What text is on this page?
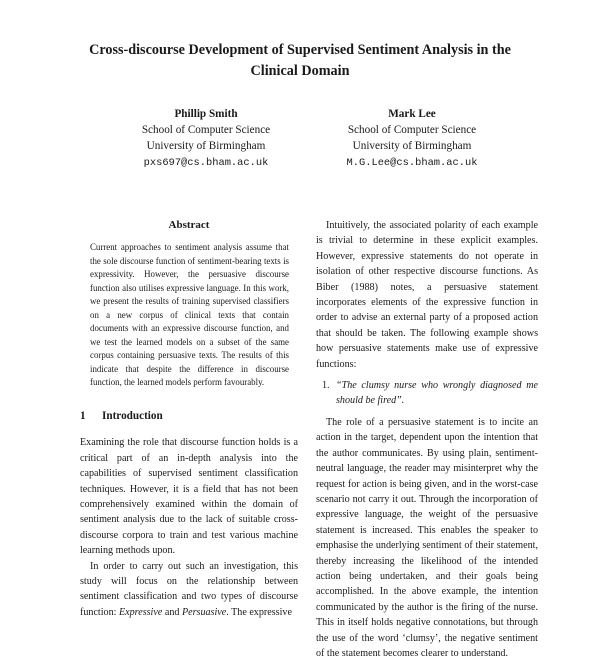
Cross-discourse Development of Supervised Sentiment Analysis in the
Clinical Domain
Phillip Smith
School of Computer Science
University of Birmingham
pxs697@cs.bham.ac.uk
Mark Lee
School of Computer Science
University of Birmingham
M.G.Lee@cs.bham.ac.uk
Abstract

Current approaches to sentiment analysis assume that the sole discourse function of sentiment-bearing texts is expressivity. However, the persuasive discourse function also utilises expressive language. In this work, we present the results of training supervised classifiers on a new corpus of clinical texts that contain documents with an expressive discourse function, and we test the learned models on a subset of the same corpus containing persuasive texts. The results of this indicate that despite the difference in discourse function, the learned models perform favourably.

1 Introduction

Examining the role that discourse function holds is a critical part of an in-depth analysis into the capabilities of supervised sentiment classification techniques. However, it is a field that has not been comprehensively examined within the domain of sentiment analysis due to the lack of suitable cross-discourse corpora to train and test various machine learning methods upon.

In order to carry out such an investigation, this study will focus on the relationship between sentiment classification and two types of discourse function: Expressive and Persuasive. The expressive

Intuitively, the associated polarity of each example is trivial to determine in these explicit examples. However, expressive statements do not operate in isolation of other respective discourse functions. As Biber (1988) notes, a persuasive statement incorporates elements of the expressive function in order to advise an external party of a proposed action that should be taken. The following example shows how persuasive statements make use of expressive functions:

1. “The clumsy nurse who wrongly diagnosed me should be fired”.

The role of a persuasive statement is to incite an action in the target, dependent upon the intention that the author communicates. By using plain, sentiment-neutral language, the reader may misinterpret why the request for action is being given, and in the worst-case scenario not carry it out. Through the incorporation of expressive language, the weight of the persuasive statement is increased. This enables the speaker to emphasise the underlying sentiment of their statement, thereby increasing the likelihood of the intended action being undertaken, and their goals being accomplished. In the above example, the intention communicated by the author is the firing of the nurse. This in itself holds negative connotations, but through the use of the word ‘clumsy’, the negative sentiment of the statement becomes clearer to understand.
